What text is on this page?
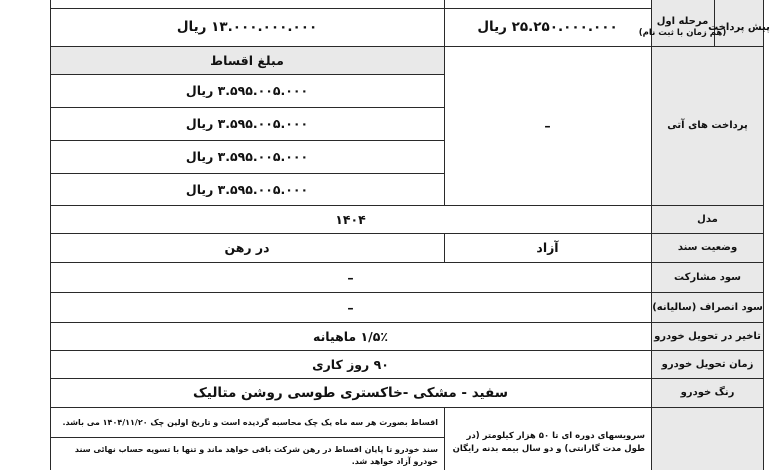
پیش پرداخت
مرحله اول
(هم زمان با ثبت نام)
۲۵.۲۵۰.۰۰۰.۰۰۰ ریال
۱۳.۰۰۰.۰۰۰.۰۰۰ ریال
پرداخت های آتی
–
مبلغ اقساط
۳.۵۹۵.۰۰۵.۰۰۰ ریال
۳.۵۹۵.۰۰۵.۰۰۰ ریال
۳.۵۹۵.۰۰۵.۰۰۰ ریال
۳.۵۹۵.۰۰۵.۰۰۰ ریال
مدل
۱۴۰۴
وضعیت سند
آزاد
در رهن
سود مشارکت
–
سود انصراف (سالیانه)
–
تاخیر در تحویل خودرو
۱/۵٪ ماهیانه
زمان تحویل خودرو
۹۰ روز کاری
رنگ خودرو
سفید - مشکی -خاکستری طوسی روشن متالیک
سرویسهای دوره ای تا ۵۰ هزار کیلومتر (در طول مدت گارانتی) و دو سال بیمه بدنه رایگان
اقساط بصورت هر سه ماه یک چک محاسبه گردیده است و تاریخ اولین چک ۱۴۰۴/۱۱/۲۰ می باشد.
سند خودرو تا پایان اقساط در رهن شرکت باقی خواهد ماند و تنها با تسویه حساب نهائی سند خودرو آزاد خواهد شد.
